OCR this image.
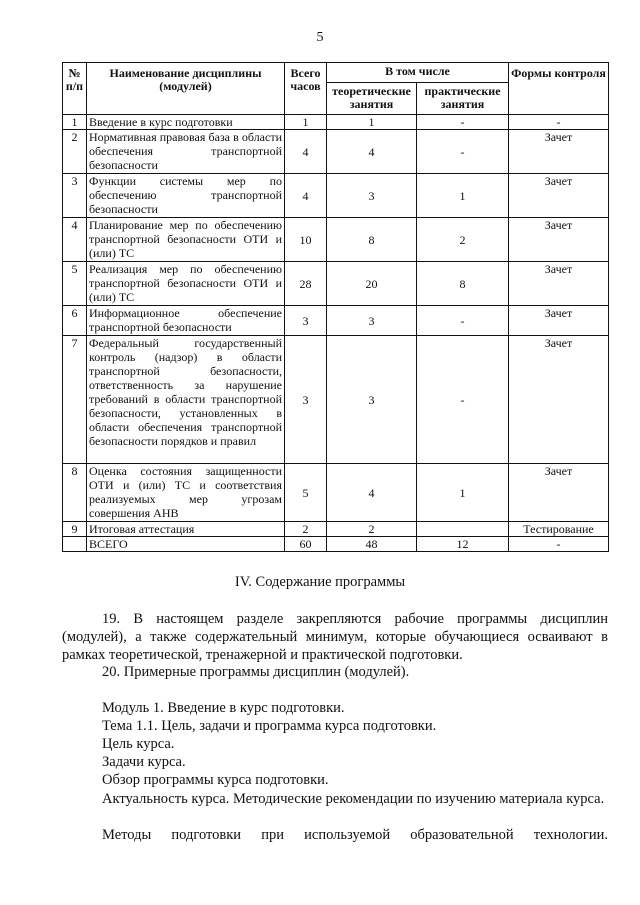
5
№ п/п	Наименование дисциплины (модулей)	Всего часов	В том числе		Формы контроля
			теоретические занятия	практические занятия	
1	Введение в курс подготовки	1	1	-	-
2	Нормативная правовая база в области обеспечения транспортной безопасности	4	4	-	Зачет
3	Функции системы мер по обеспечению транспортной безопасности	4	3	1	Зачет
4	Планирование мер по обеспечению транспортной безопасности ОТИ и (или) ТС	10	8	2	Зачет
5	Реализация мер по обеспечению транспортной безопасности ОТИ и (или) ТС	28	20	8	Зачет
6	Информационное обеспечение транспортной безопасности	3	3	-	Зачет
7	Федеральный государственный контроль (надзор) в области транспортной безопасности, ответственность за нарушение требований в области транспортной безопасности, установленных в области обеспечения транспортной безопасности порядков и правил	3	3	-	Зачет
8	Оценка состояния защищенности ОТИ и (или) ТС и соответствия реализуемых мер угрозам совершения АНВ	5	4	1	Зачет
9	Итоговая аттестация	2	2		Тестирование
	ВСЕГО	60	48	12	-
IV. Содержание программы

19. В настоящем разделе закрепляются рабочие программы дисциплин (модулей), а также содержательный минимум, которые обучающиеся осваивают в рамках теоретической, тренажерной и практической подготовки.

20. Примерные программы дисциплин (модулей).
Модуль 1. Введение в курс подготовки.
Тема 1.1. Цель, задачи и программа курса подготовки.
Цель курса.
Задачи курса.
Обзор программы курса подготовки.

Актуальность курса. Методические рекомендации по изучению материала курса.

Методы подготовки при используемой образовательной технологии.
